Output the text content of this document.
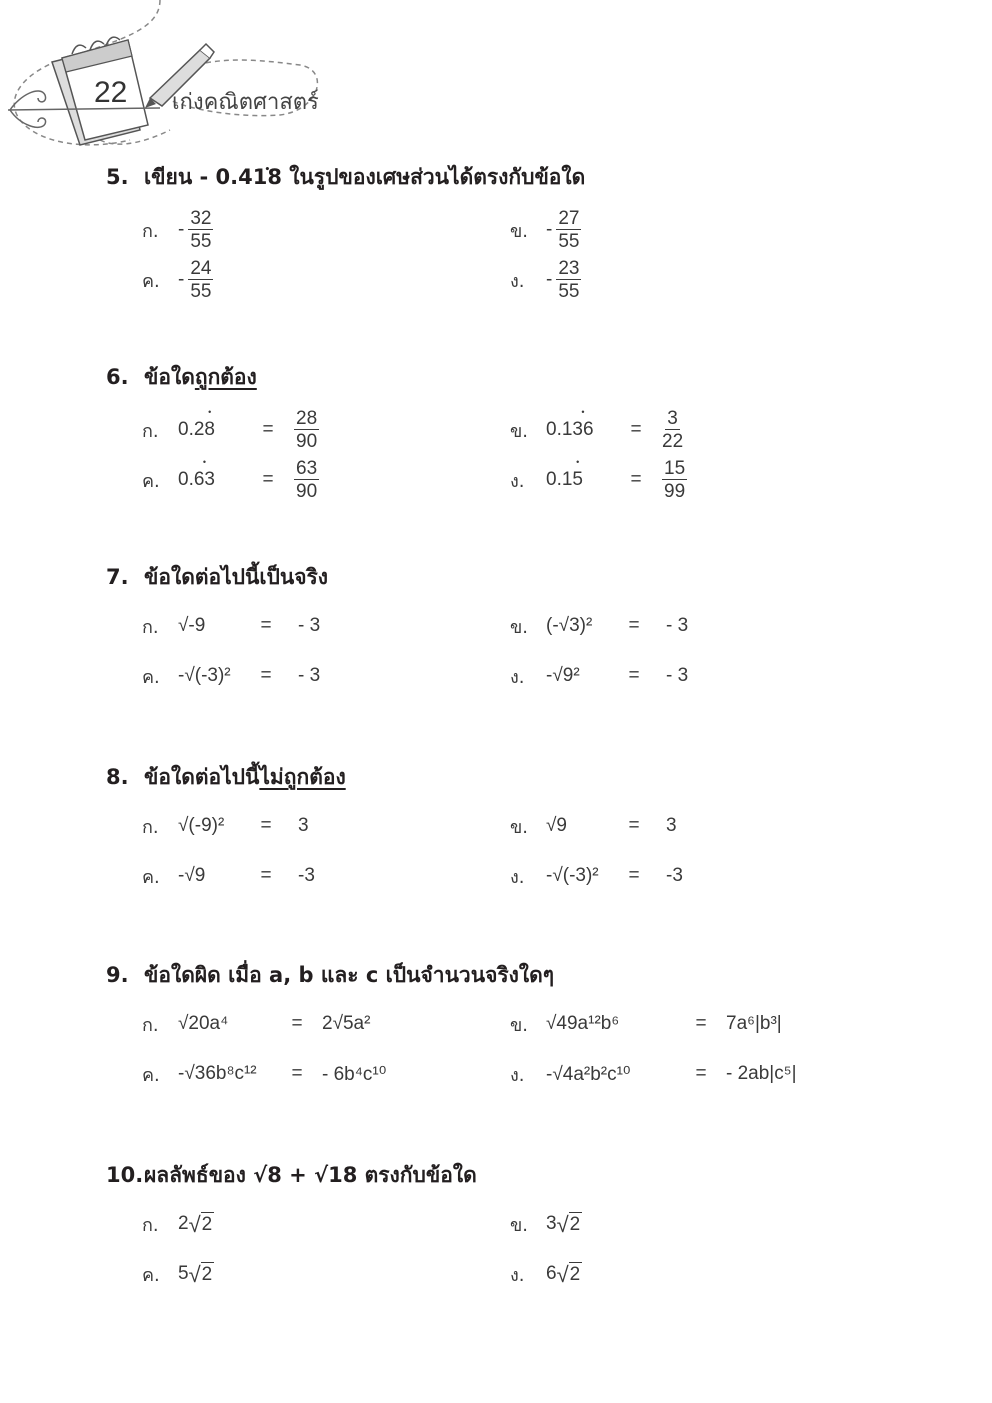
22 เก่งคณิตศาสตร์
5. เขียน - 0.418 • ในรูปของเศษส่วนได้ตรงกับข้อใด
ก.	- $\frac{32}{55}$	ข. - $\frac{27}{55}$
ค. - $\frac{24}{55}$	ง.	- $\frac{23}{55}$
6. ข้อใดถูกต้อง
ก.	0.28 •	=	$\frac{28}{90}$	ข. 0.136 •	=	$\frac{3}{22}$
ค. 0.63 •	=	$\frac{63}{90}$	ง.	0.15 •	=	$\frac{15}{99}$
7. ข้อใดต่อไปนี้เป็นจริง
ก.	√-9	=	- 3	ข. (-√3)²	=	- 3
ค. -√(-3)²	=	- 3	ง.	-√9²	=	- 3
8. ข้อใดต่อไปนี้ไม่ถูกต้อง
ก.	√(-9)²	=	3	ข. √9	=	3
ค. -√9	=	-3	ง.	-√(-3)²	=	-3
9. ข้อใดผิด เมื่อ a, b และ c เป็นจำนวนจริงใดๆ
ก.	√20a⁴	=	2√5a²	ข. √49a¹²b⁶	=	7a⁶|b³|
ค. -√36b⁸c¹²	=	- 6b⁴c¹⁰	ง.	-√4a²b²c¹⁰	=	- 2ab|c⁵|
10.ผลลัพธ์ของ √8 + √18 ตรงกับข้อใด
ก.	2 √ 2	ข. 3 √ 2
ค. 5 √ 2	ง.	6 √ 2
